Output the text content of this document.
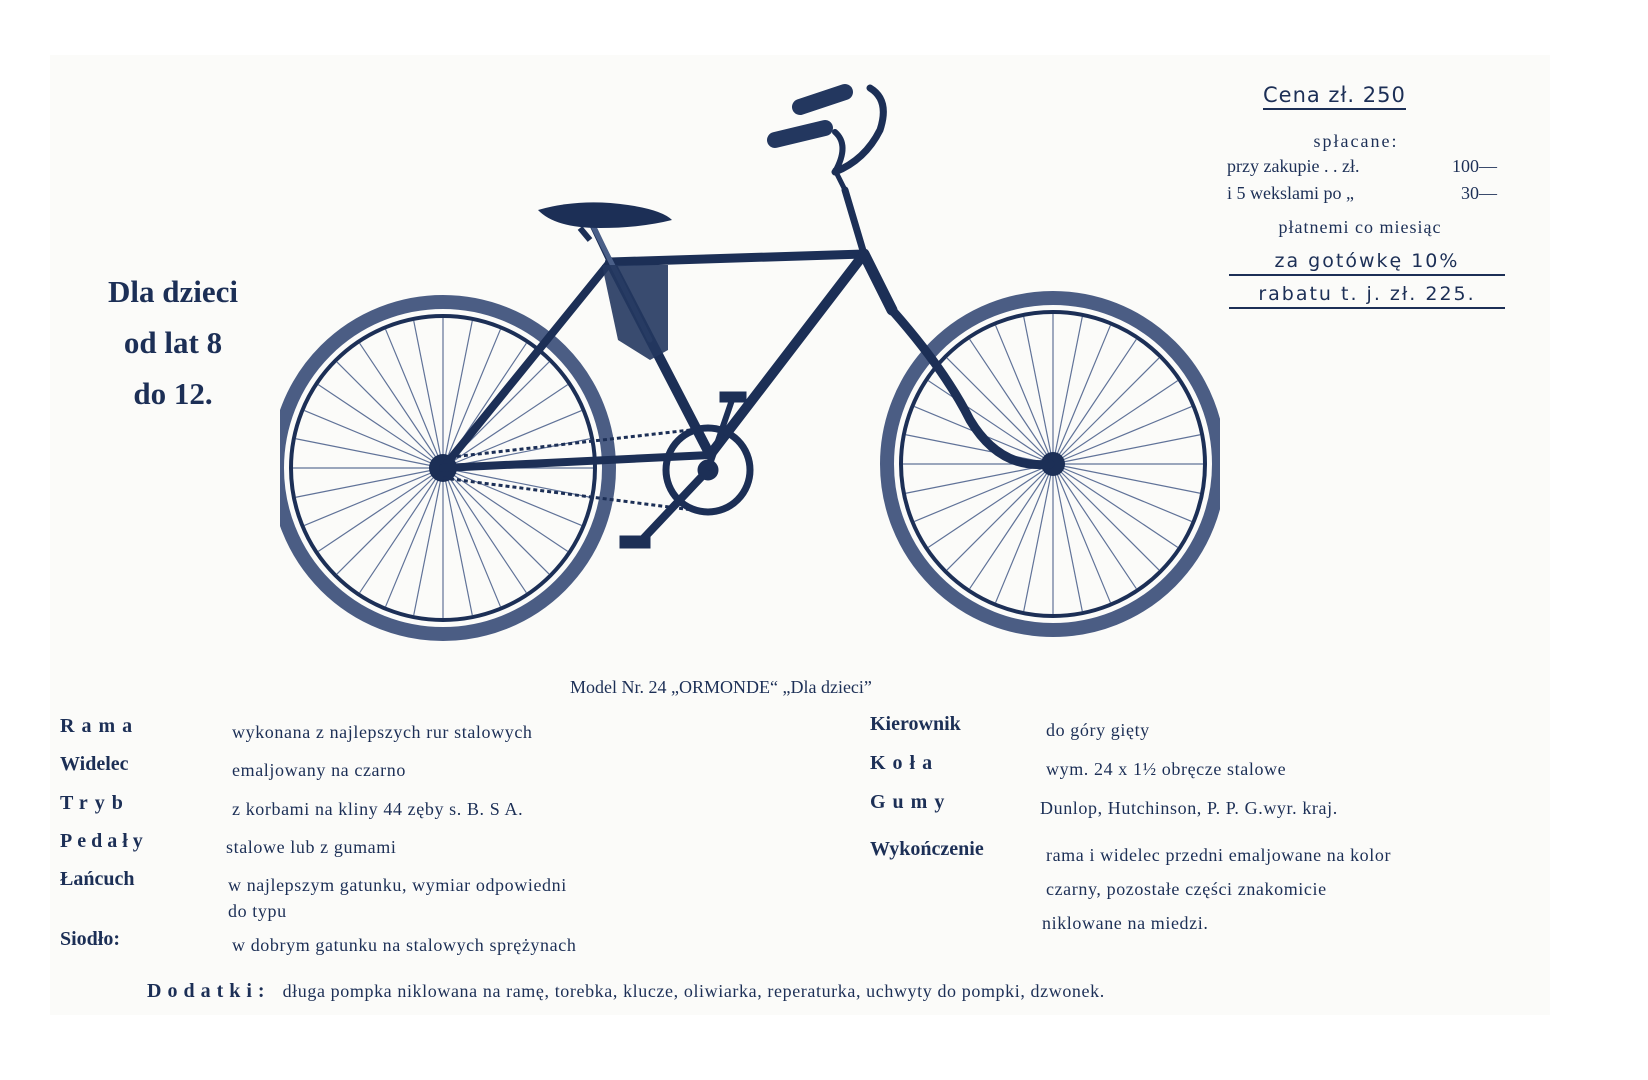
Dla dzieci
od lat 8
do 12.
Cena zł. 250
spłacane:
przy zakupie . . zł.	100—
i 5 wekslami po „	30—
płatnemi co miesiąc
za gotówkę 10%
rabatu t. j. zł. 225.
Model Nr. 24 „ORMONDE“ „Dla dzieci”
Rama	wykonana z najlepszych rur stalowych
Widelec	emaljowany na czarno
Tryb	z korbami na kliny 44 zęby s. B. S A.
Pedały	stalowe lub z gumami
Łańcuch	w najlepszym gatunku, wymiar odpowiedni
do typu
Siodło:	w dobrym gatunku na stalowych sprężynach
Kierownik	do góry gięty
Koła	wym. 24 x 1½ obręcze stalowe
Gumy	Dunlop, Hutchinson, P. P. G.wyr. kraj.
Wykończenie	rama i widelec przedni emaljowane na kolor
czarny, pozostałe części znakomicie
niklowane na miedzi.
Dodatki: długa pompka niklowana na ramę, torebka, klucze, oliwiarka, reperaturka, uchwyty do pompki, dzwonek.
